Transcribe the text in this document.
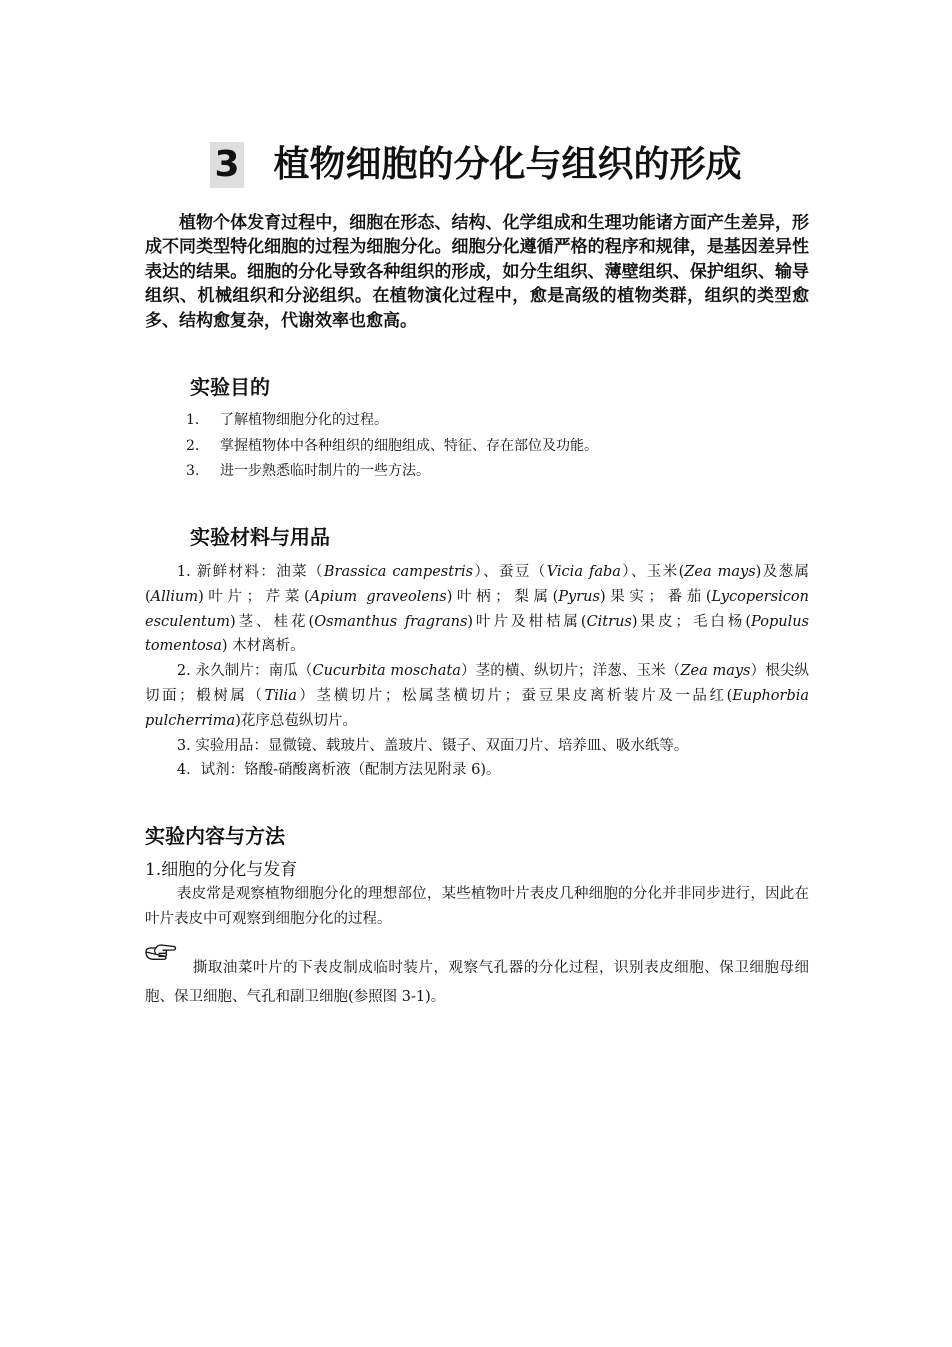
3 植物细胞的分化与组织的形成

植物个体发育过程中，细胞在形态、结构、化学组成和生理功能诸方面产生差异，形成不同类型特化细胞的过程为细胞分化。细胞分化遵循严格的程序和规律，是基因差异性表达的结果。细胞的分化导致各种组织的形成，如分生组织、薄壁组织、保护组织、输导组织、机械组织和分泌组织。在植物演化过程中，愈是高级的植物类群，组织的类型愈多、结构愈复杂，代谢效率也愈高。

实验目的
1. 了解植物细胞分化的过程。
2. 掌握植物体中各种组织的细胞组成、特征、存在部位及功能。
3. 进一步熟悉临时制片的一些方法。
实验材料与用品

1. 新鲜材料：油菜（Brassica campestris）、蚕豆（Vicia faba）、玉米(Zea mays)及葱属(Allium)叶片；芹菜(Apium graveolens)叶柄；梨属(Pyrus)果实；番茄(Lycopersicon esculentum)茎、桂花(Osmanthus fragrans)叶片及柑桔属(Citrus)果皮；毛白杨(Populus tomentosa) 木材离析。

2. 永久制片：南瓜（Cucurbita moschata）茎的横、纵切片；洋葱、玉米（Zea mays）根尖纵切面；椴树属（Tilia）茎横切片；松属茎横切片；蚕豆果皮离析装片及一品红(Euphorbia pulcherrima)花序总苞纵切片。

3. 实验用品：显微镜、载玻片、盖玻片、镊子、双面刀片、培养皿、吸水纸等。

4．试剂：铬酸-硝酸离析液（配制方法见附录 6)。

实验内容与方法
1.细胞的分化与发育

表皮常是观察植物细胞分化的理想部位，某些植物叶片表皮几种细胞的分化并非同步进行，因此在叶片表皮中可观察到细胞分化的过程。

撕取油菜叶片的下表皮制成临时装片，观察气孔器的分化过程，识别表皮细胞、保卫细胞母细胞、保卫细胞、气孔和副卫细胞(参照图 3-1)。
